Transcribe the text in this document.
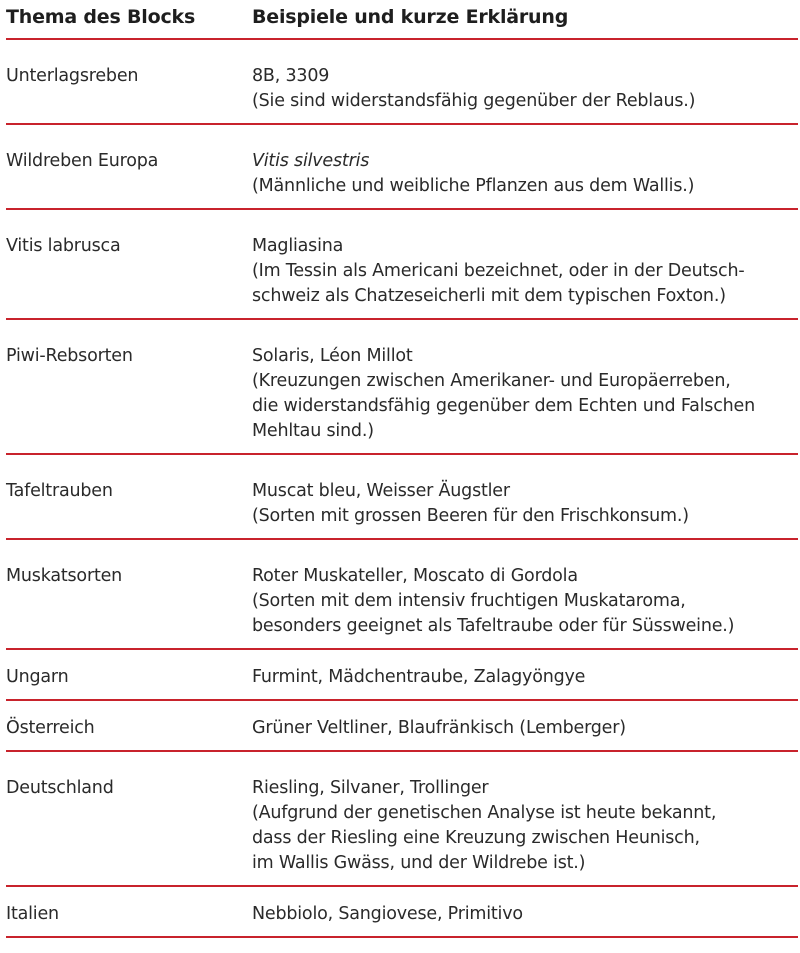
Thema des Blocks	Beispiele und kurze Erklärung
Unterlagsreben	8B, 3309
(Sie sind widerstandsfähig gegenüber der Reblaus.)

Wildreben Europa	Vitis silvestris
(Männliche und weibliche Pflanzen aus dem Wallis.)

Vitis labrusca	Magliasina
(Im Tessin als Americani bezeichnet, oder in der Deutsch-
schweiz als Chatzeseicherli mit dem typischen Foxton.)

Piwi-Rebsorten	Solaris, Léon Millot
(Kreuzungen zwischen Amerikaner- und Europäerreben,
die widerstandsfähig gegenüber dem Echten und Falschen
Mehltau sind.)

Tafeltrauben	Muscat bleu, Weisser Äugstler
(Sorten mit grossen Beeren für den Frischkonsum.)

Muskatsorten	Roter Muskateller, Moscato di Gordola
(Sorten mit dem intensiv fruchtigen Muskataroma,
besonders geeignet als Tafeltraube oder für Süssweine.)

Ungarn	Furmint, Mädchentraube, Zalagyöngye

Österreich	Grüner Veltliner, Blaufränkisch (Lemberger)

Deutschland	Riesling, Silvaner, Trollinger
(Aufgrund der genetischen Analyse ist heute bekannt,
dass der Riesling eine Kreuzung zwischen Heunisch,
im Wallis Gwäss, und der Wildrebe ist.)

Italien	Nebbiolo, Sangiovese, Primitivo
